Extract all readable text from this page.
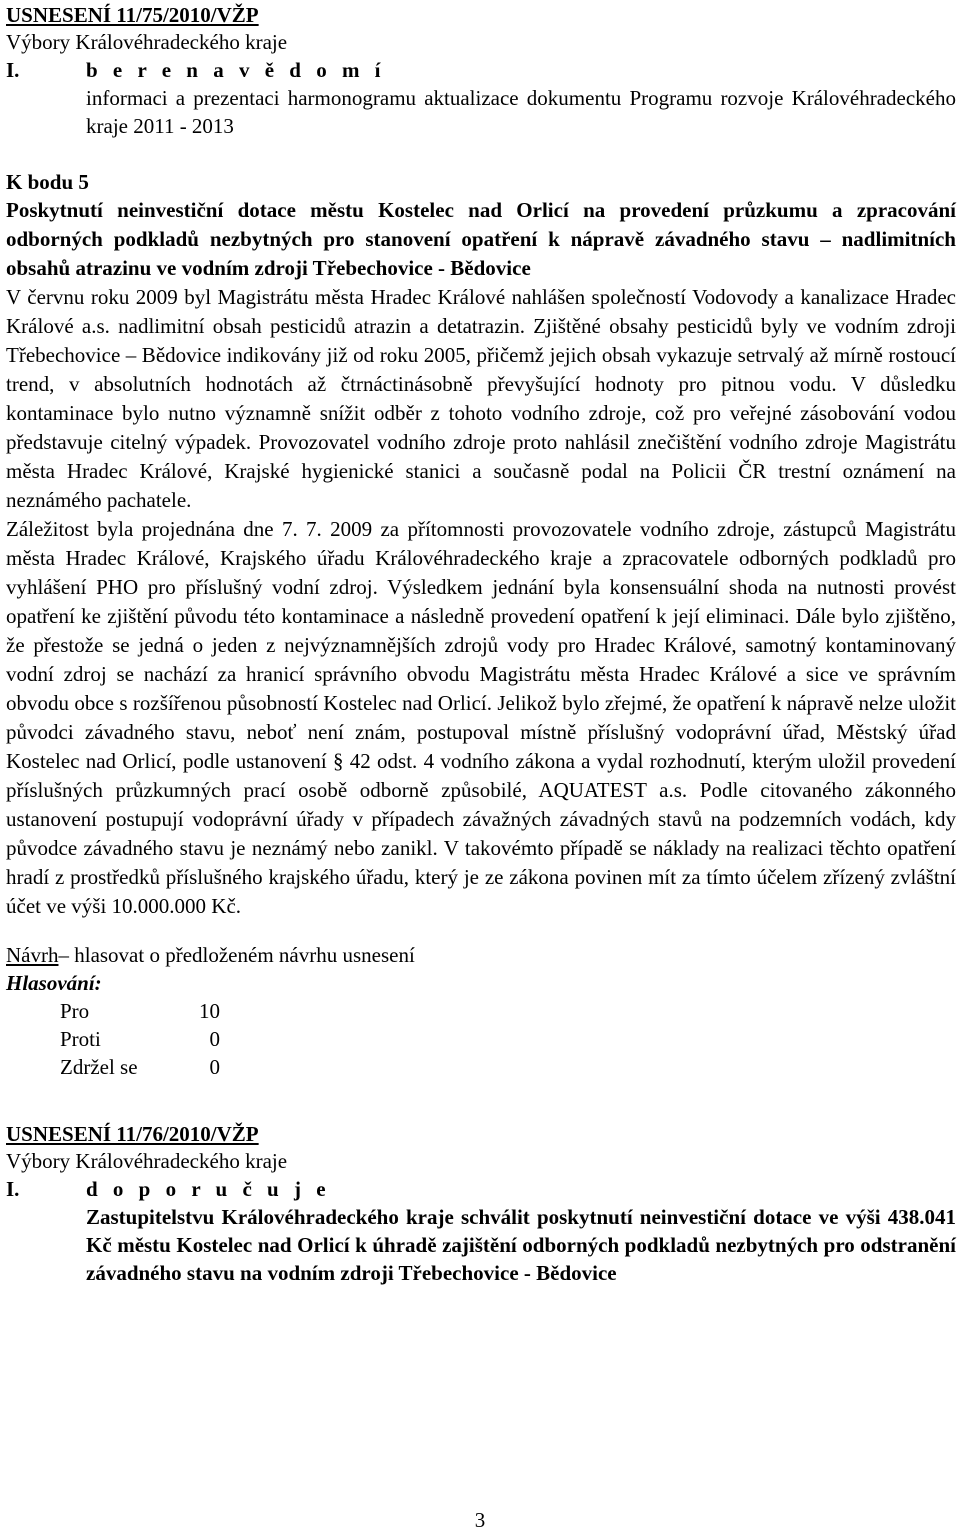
USNESENÍ 11/75/2010/VŽP
Výbory Královéhradeckého kraje
I.	b e r e n a v ě d o m í
informaci a prezentaci harmonogramu aktualizace dokumentu Programu rozvoje Královéhradeckého kraje 2011 - 2013
K bodu 5
Poskytnutí neinvestiční dotace městu Kostelec nad Orlicí na provedení průzkumu a zpracování odborných podkladů nezbytných pro stanovení opatření k nápravě závadného stavu – nadlimitních obsahů atrazinu ve vodním zdroji Třebechovice - Bědovice
V červnu roku 2009 byl Magistrátu města Hradec Králové nahlášen společností Vodovody a kanalizace Hradec Králové a.s. nadlimitní obsah pesticidů atrazin a detatrazin. Zjištěné obsahy pesticidů byly ve vodním zdroji Třebechovice – Bědovice indikovány již od roku 2005, přičemž jejich obsah vykazuje setrvalý až mírně rostoucí trend, v absolutních hodnotách až čtrnáctinásobně převyšující hodnoty pro pitnou vodu. V důsledku kontaminace bylo nutno významně snížit odběr z tohoto vodního zdroje, což pro veřejné zásobování vodou představuje citelný výpadek. Provozovatel vodního zdroje proto nahlásil znečištění vodního zdroje Magistrátu města Hradec Králové, Krajské hygienické stanici a současně podal na Policii ČR trestní oznámení na neznámého pachatele.
Záležitost byla projednána dne 7. 7. 2009 za přítomnosti provozovatele vodního zdroje, zástupců Magistrátu města Hradec Králové, Krajského úřadu Královéhradeckého kraje a zpracovatele odborných podkladů pro vyhlášení PHO pro příslušný vodní zdroj. Výsledkem jednání byla konsensuální shoda na nutnosti provést opatření ke zjištění původu této kontaminace a následně provedení opatření k její eliminaci. Dále bylo zjištěno, že přestože se jedná o jeden z nejvýznamnějších zdrojů vody pro Hradec Králové, samotný kontaminovaný vodní zdroj se nachází za hranicí správního obvodu Magistrátu města Hradec Králové a sice ve správním obvodu obce s rozšířenou působností Kostelec nad Orlicí. Jelikož bylo zřejmé, že opatření k nápravě nelze uložit původci závadného stavu, neboť není znám, postupoval místně příslušný vodoprávní úřad, Městský úřad Kostelec nad Orlicí, podle ustanovení § 42 odst. 4 vodního zákona a vydal rozhodnutí, kterým uložil provedení příslušných průzkumných prací osobě odborně způsobilé, AQUATEST a.s. Podle citovaného zákonného ustanovení postupují vodoprávní úřady v případech závažných závadných stavů na podzemních vodách, kdy původce závadného stavu je neznámý nebo zanikl. V takovémto případě se náklady na realizaci těchto opatření hradí z prostředků příslušného krajského úřadu, který je ze zákona povinen mít za tímto účelem zřízený zvláštní účet ve výši 10.000.000 Kč.
Návrh– hlasovat o předloženém návrhu usnesení
Hlasování:
Pro	10
Proti	0
Zdržel se	0
USNESENÍ 11/76/2010/VŽP
Výbory Královéhradeckého kraje
I.	d o p o r u č u j e
Zastupitelstvu Královéhradeckého kraje schválit poskytnutí neinvestiční dotace ve výši 438.041 Kč městu Kostelec nad Orlicí k úhradě zajištění odborných podkladů nezbytných pro odstranění závadného stavu na vodním zdroji Třebechovice - Bědovice
3
